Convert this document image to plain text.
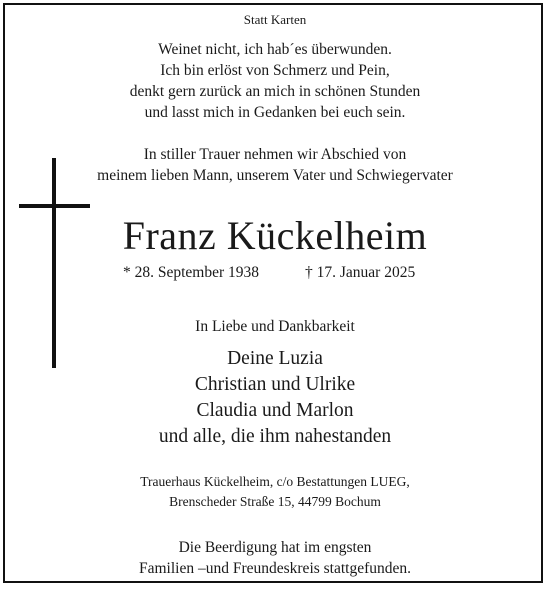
Statt Karten
Weinet nicht, ich hab´es überwunden.
Ich bin erlöst von Schmerz und Pein,
denkt gern zurück an mich in schönen Stunden
und lasst mich in Gedanken bei euch sein.
In stiller Trauer nehmen wir Abschied von
meinem lieben Mann, unserem Vater und Schwiegervater
Franz Kückelheim
* 28. September 1938	† 17. Januar 2025
In Liebe und Dankbarkeit
Deine Luzia
Christian und Ulrike
Claudia und Marlon
und alle, die ihm nahestanden
Trauerhaus Kückelheim, c/o Bestattungen LUEG,
Brenscheder Straße 15, 44799 Bochum
Die Beerdigung hat im engsten
Familien –und Freundeskreis stattgefunden.
